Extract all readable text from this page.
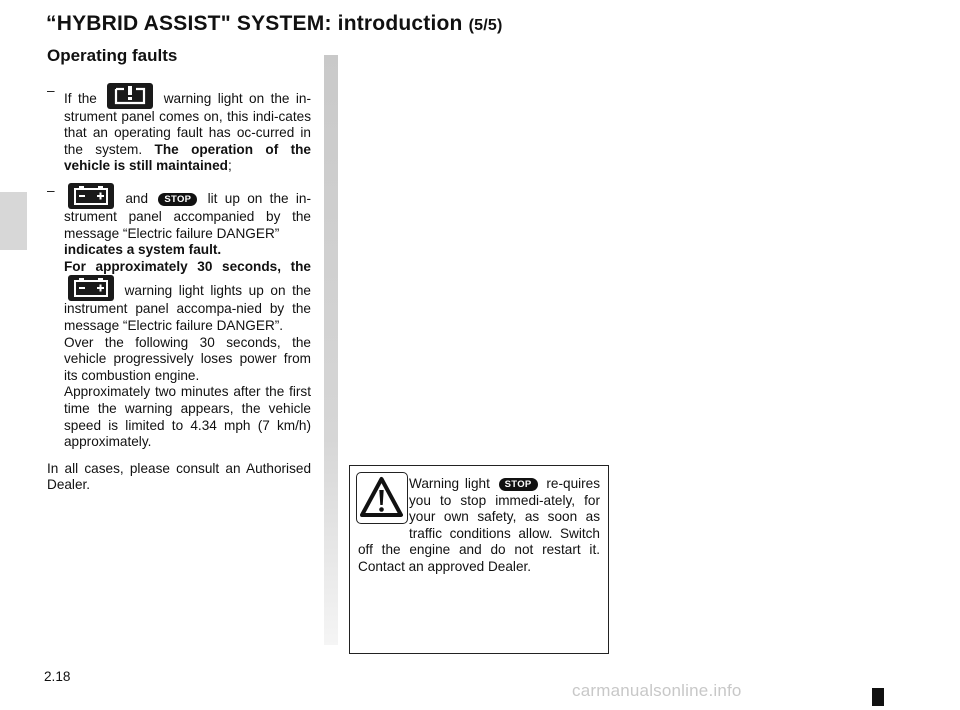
“HYBRID ASSIST" SYSTEM: introduction (5/5)
Operating faults
–

If the	warning light on the in-strument panel comes on, this indi-cates that an operating fault has oc-curred in the system. The operation of the vehicle is still maintained;

–

and STOP lit up on the in-strument panel accompanied by the message “Electric failure DANGER”
indicates a system fault.
For approximately 30 seconds, the  warning light lights up on the instrument panel accompa-nied by the message “Electric failure DANGER”.
Over the following 30 seconds, the vehicle progressively loses power from its combustion engine.
Approximately two minutes after the first time the warning appears, the vehicle speed is limited to 4.34 mph (7 km/h) approximately.

In all cases, please consult an Authorised Dealer.	Warning light STOP re-quires you to stop immedi-ately, for your own safety, as soon as traffic conditions allow. Switch off the engine and do not restart it. Contact an approved Dealer.
2.18
carmanualsonline.info
